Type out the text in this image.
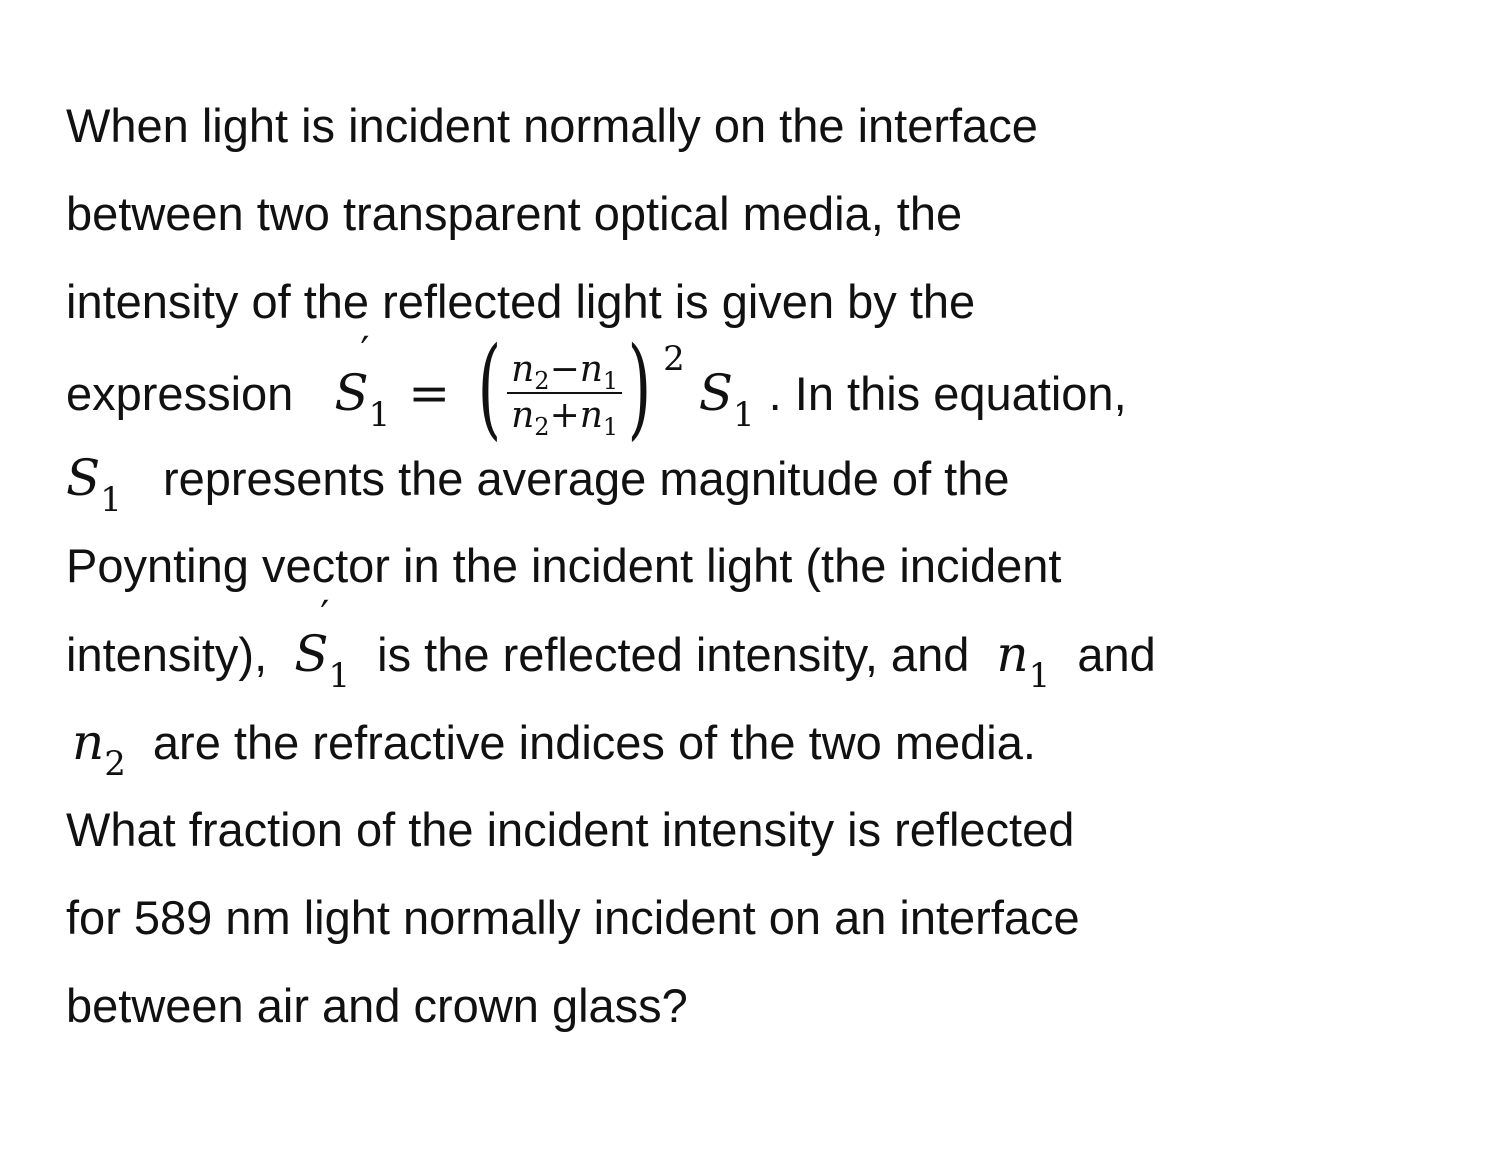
When light is incident normally on the interface
between two transparent optical media, the
intensity of the reflected light is given by the
expression $S_1$
′
= ( $\frac{n_2-n_1}{n_2+n_1}$ ) $^2S_1$ . In this equation,
$S_1$ represents the average magnitude of the
Poynting vector in the incident light (the incident
intensity), $S_1$
′
is the reflected intensity, and $n_1$ and
$n_2$ are the refractive indices of the two media.
What fraction of the incident intensity is reflected
for 589 nm light normally incident on an interface
between air and crown glass?
